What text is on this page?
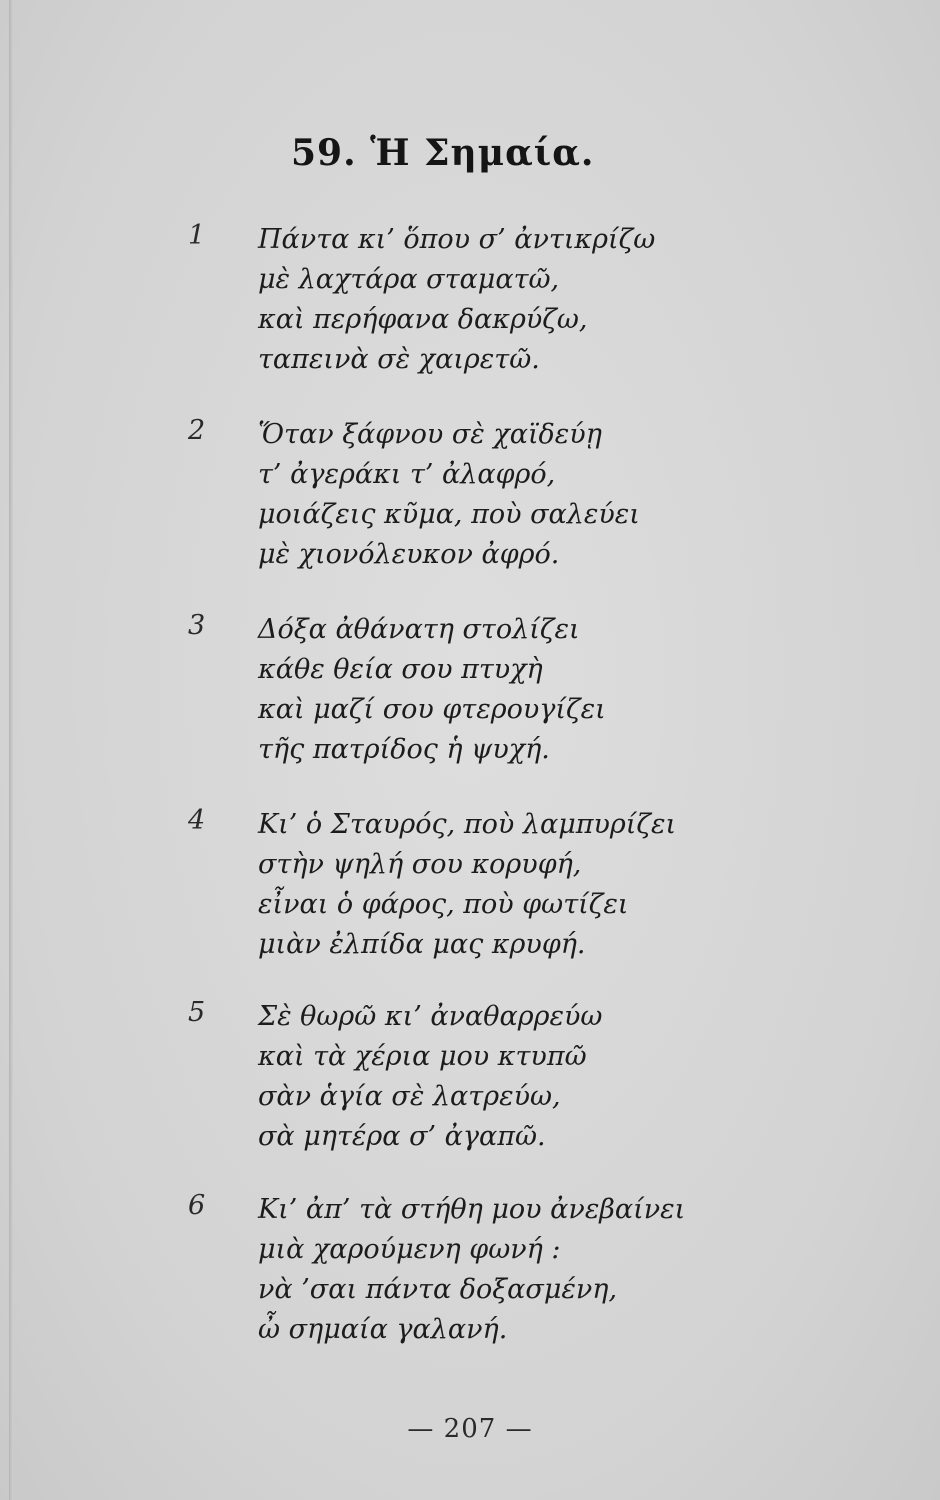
59. Ἡ Σημαία.
1 Πάντα κι’ ὅπου σ’ ἀντικρίζω
μὲ λαχτάρα σταματῶ,
καὶ περήφανα δακρύζω,
ταπεινὰ σὲ χαιρετῶ.
2 Ὅταν ξάφνου σὲ χαϊδεύῃ
τ’ ἀγεράκι τ’ ἀλαφρό,
μοιάζεις κῦμα, ποὺ σαλεύει
μὲ χιονόλευκον ἀφρό.
3 Δόξα ἀθάνατη στολίζει
κάθε θεία σου πτυχὴ
καὶ μαζί σου φτερουγίζει
τῆς πατρίδος ἡ ψυχή.
4 Κι’ ὁ Σταυρός, ποὺ λαμπυρίζει
στὴν ψηλή σου κορυφή,
εἶναι ὁ φάρος, ποὺ φωτίζει
μιὰν ἐλπίδα μας κρυφή.
5 Σὲ θωρῶ κι’ ἀναθαρρεύω
καὶ τὰ χέρια μου κτυπῶ
σὰν ἁγία σὲ λατρεύω,
σὰ μητέρα σ’ ἀγαπῶ.
6 Κι’ ἀπ’ τὰ στήθη μου ἀνεβαίνει
μιὰ χαρούμενη φωνή :
νὰ ’σαι πάντα δοξασμένη,
ὦ σημαία γαλανή.
— 207 —
